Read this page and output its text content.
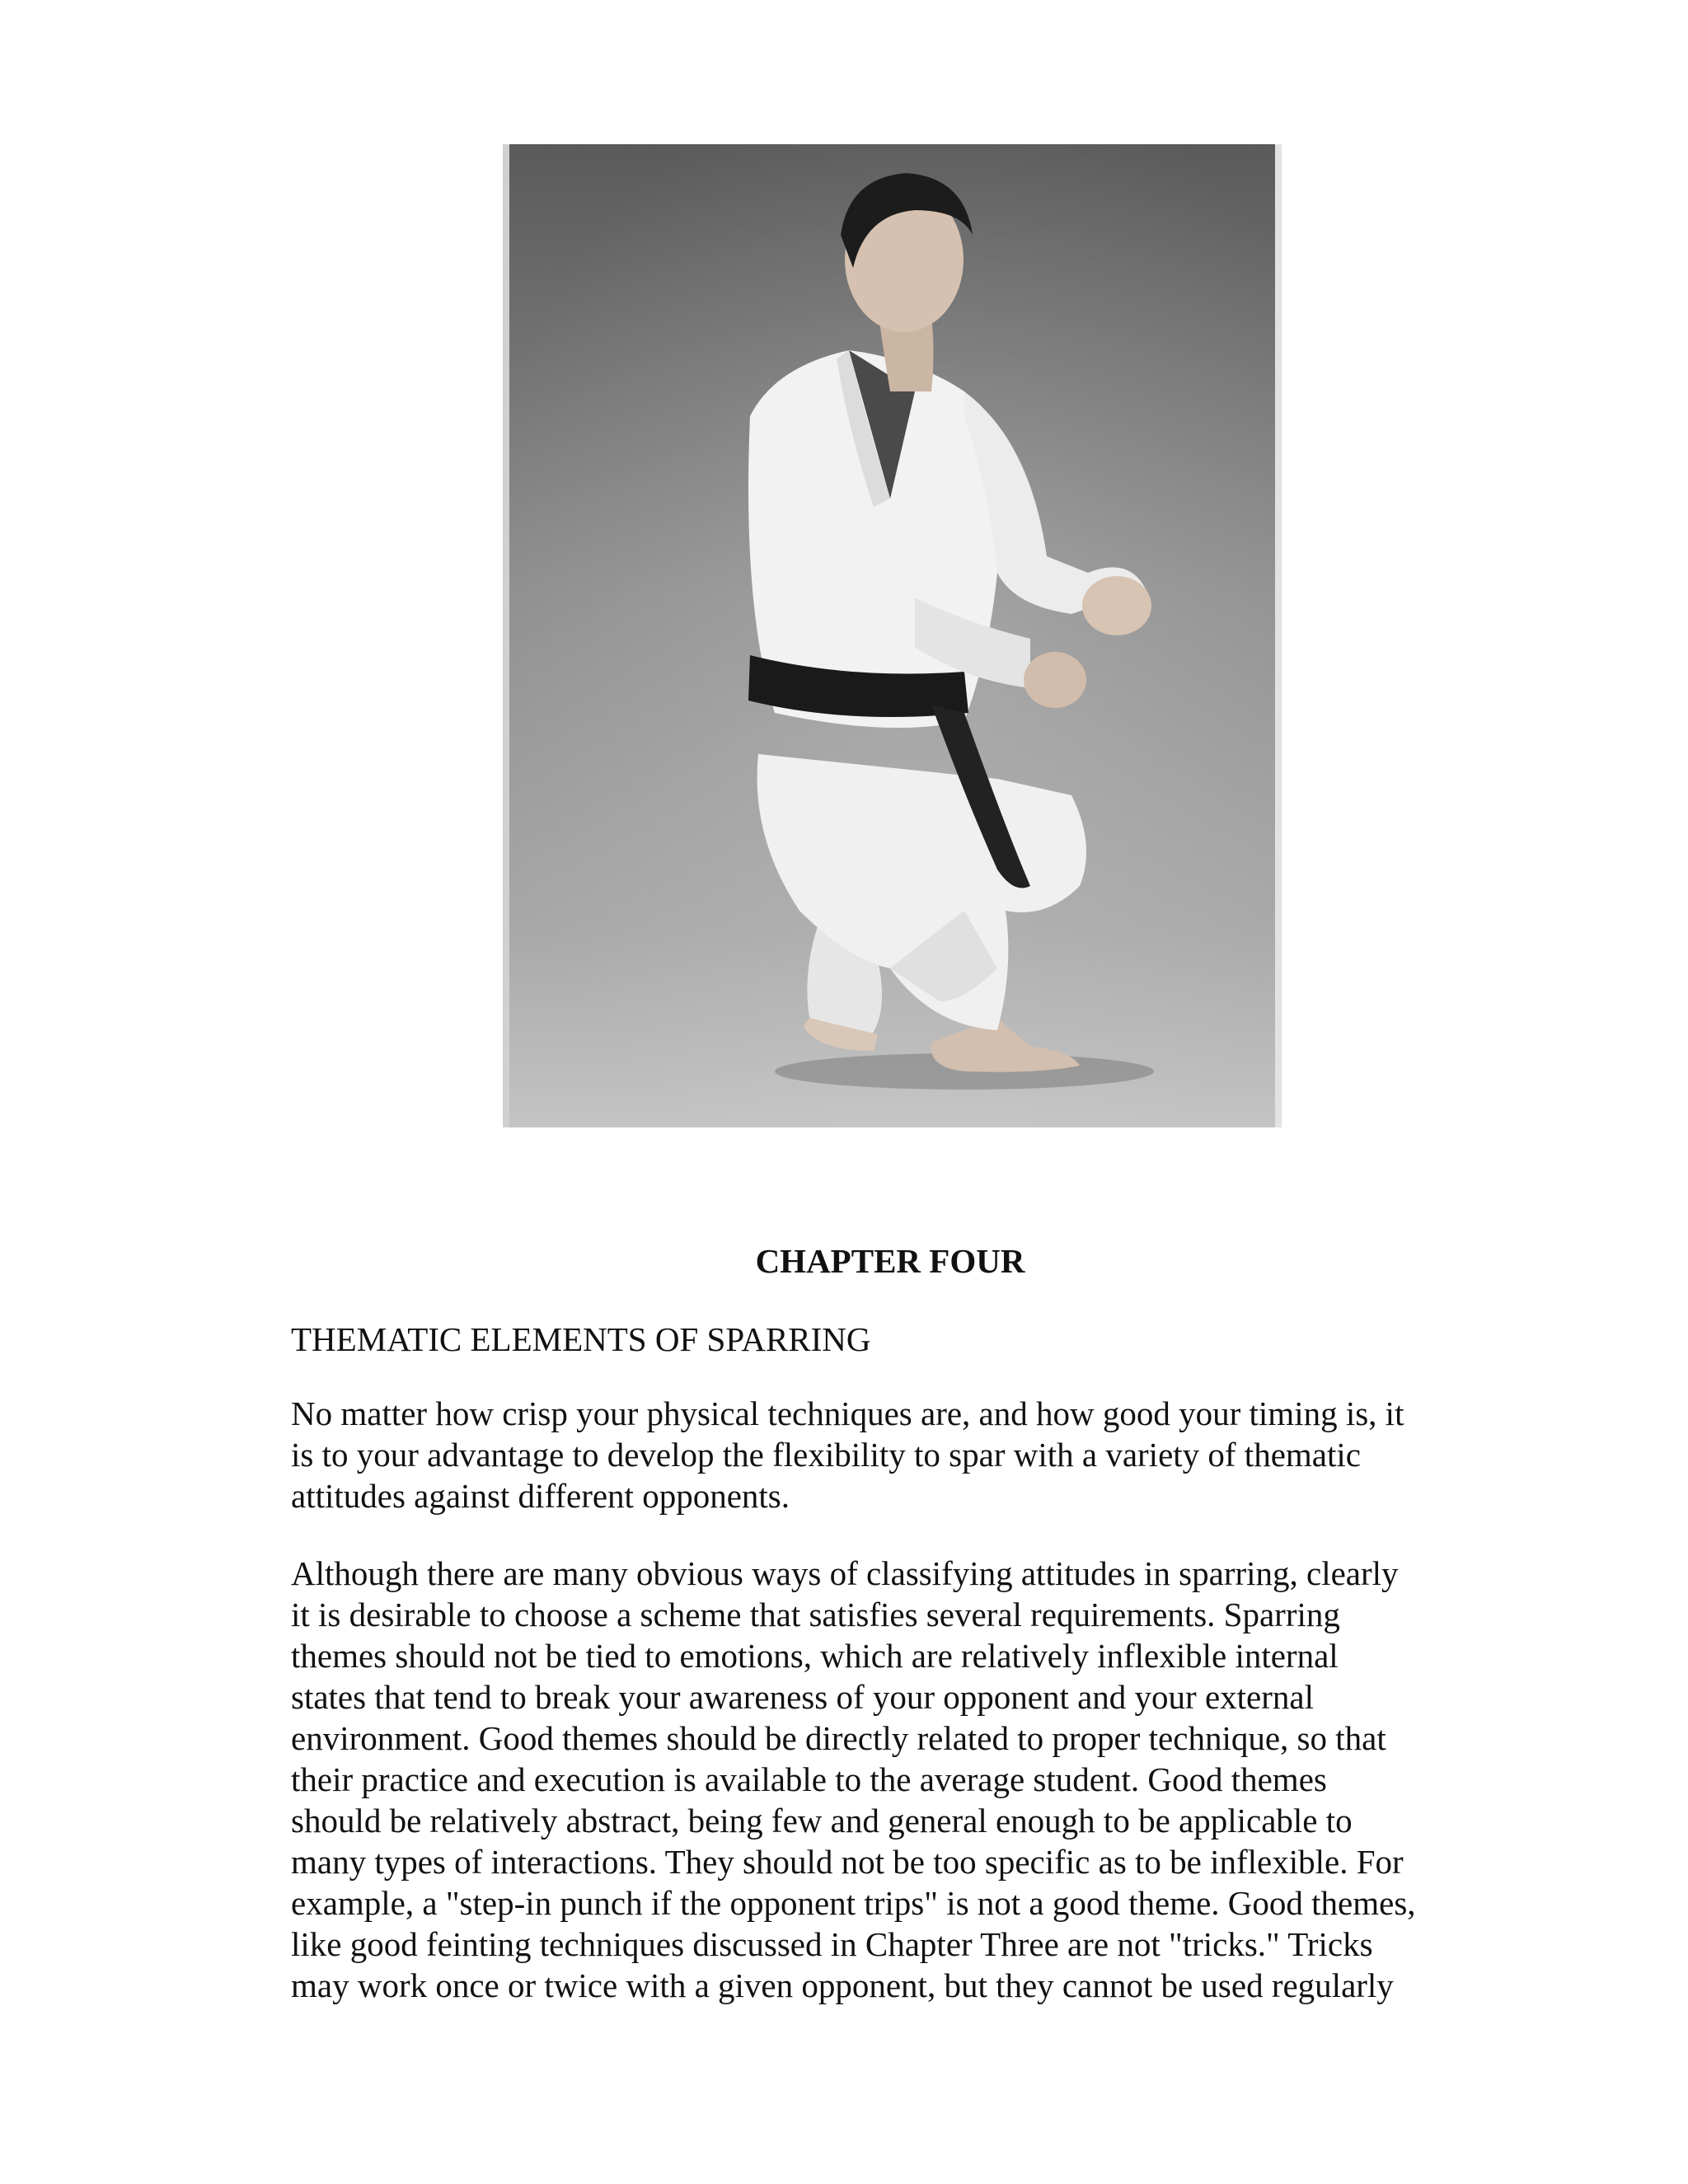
CHAPTER FOUR
THEMATIC ELEMENTS OF SPARRING

No matter how crisp your physical techniques are, and how good your timing is, it
is to your advantage to develop the flexibility to spar with a variety of thematic
attitudes against different opponents.

Although there are many obvious ways of classifying attitudes in sparring, clearly
it is desirable to choose a scheme that satisfies several requirements. Sparring
themes should not be tied to emotions, which are relatively inflexible internal
states that tend to break your awareness of your opponent and your external
environment. Good themes should be directly related to proper technique, so that
their practice and execution is available to the average student. Good themes
should be relatively abstract, being few and general enough to be applicable to
many types of interactions. They should not be too specific as to be inflexible. For
example, a "step-in punch if the opponent trips" is not a good theme. Good themes,
like good feinting techniques discussed in Chapter Three are not "tricks." Tricks
may work once or twice with a given opponent, but they cannot be used regularly
